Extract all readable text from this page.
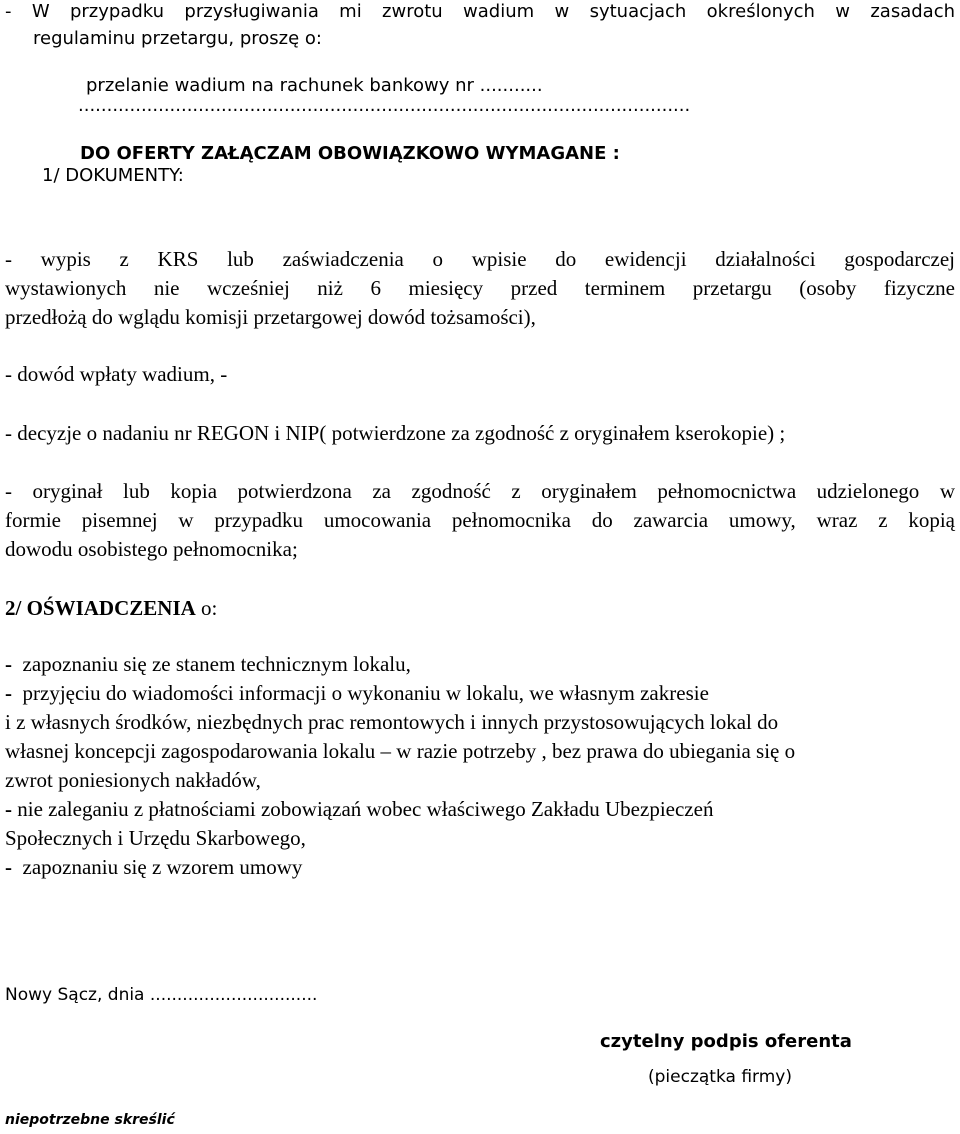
- W przypadku przysługiwania mi zwrotu wadium w sytuacjach określonych w zasadach
regulaminu przetargu, proszę o:
przelanie wadium na rachunek bankowy nr ...........
...........................................................................................................
DO OFERTY ZAŁĄCZAM OBOWIĄZKOWO WYMAGANE :
1/ DOKUMENTY:
- wypis z KRS lub zaświadczenia o wpisie do ewidencji działalności gospodarczej
wystawionych nie wcześniej niż 6 miesięcy przed terminem przetargu (osoby fizyczne
przedłożą do wglądu komisji przetargowej dowód tożsamości),
- dowód wpłaty wadium, -
- decyzje o nadaniu nr REGON i NIP( potwierdzone za zgodność z oryginałem kserokopie) ;
- oryginał lub kopia potwierdzona za zgodność z oryginałem pełnomocnictwa udzielonego w
formie pisemnej w przypadku umocowania pełnomocnika do zawarcia umowy, wraz z kopią
dowodu osobistego pełnomocnika;
2/ OŚWIADCZENIA o:
- zapoznaniu się ze stanem technicznym lokalu,
- przyjęciu do wiadomości informacji o wykonaniu w lokalu, we własnym zakresie
i z własnych środków, niezbędnych prac remontowych i innych przystosowujących lokal do
własnej koncepcji zagospodarowania lokalu – w razie potrzeby , bez prawa do ubiegania się o
zwrot poniesionych nakładów,
- nie zaleganiu z płatnościami zobowiązań wobec właściwego Zakładu Ubezpieczeń
Społecznych i Urzędu Skarbowego,
- zapoznaniu się z wzorem umowy
Nowy Sącz, dnia ...............................
czytelny podpis oferenta
(pieczątka firmy)
niepotrzebne skreślić
